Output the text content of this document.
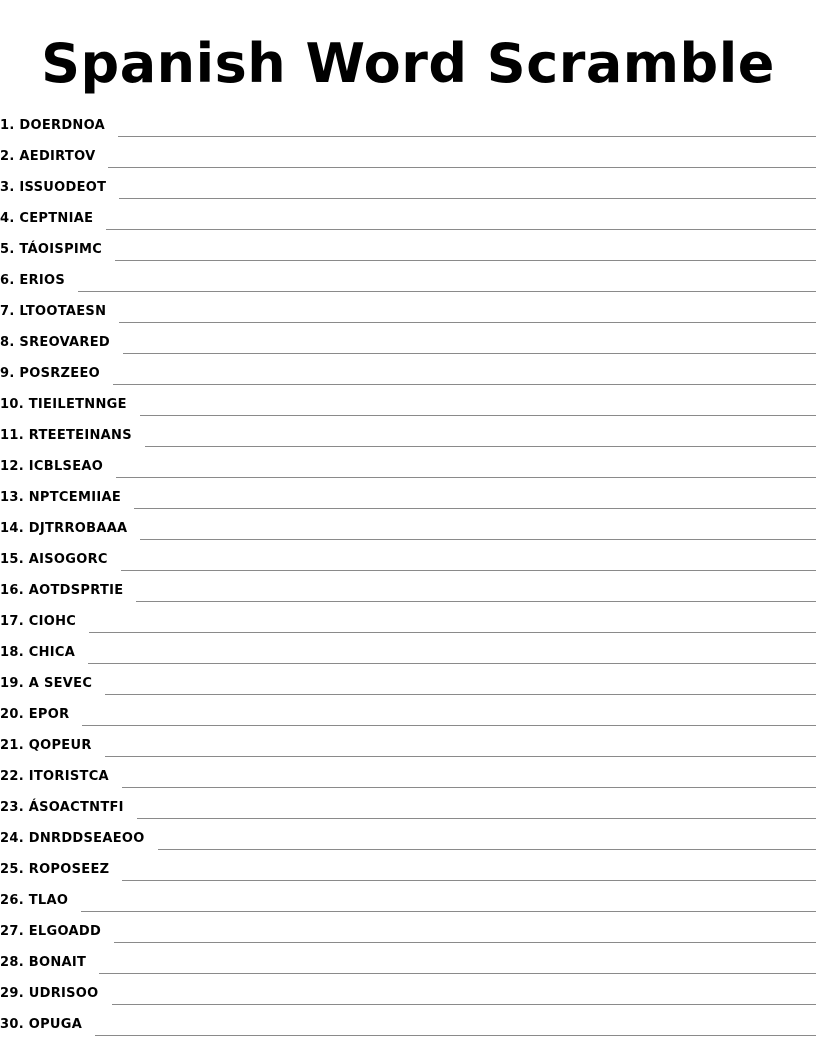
Spanish Word Scramble
1. DOERDNOA
2. AEDIRTOV
3. ISSUODEOT
4. CEPTNIAE
5. TÁOISPIMC
6. ERIOS
7. LTOOTAESN
8. SREOVARED
9. POSRZEEO
10. TIEILETNNGE
11. RTEETEINANS
12. ICBLSEAO
13. NPTCEMIIAE
14. DJTRROBAAA
15. AISOGORC
16. AOTDSPRTIE
17. CIOHC
18. CHICA
19. A SEVEC
20. EPOR
21. QOPEUR
22. ITORISTCA
23. ÁSOACTNTFI
24. DNRDDSEAEOO
25. ROPOSEEZ
26. TLAO
27. ELGOADD
28. BONAIT
29. UDRISOO
30. OPUGA
